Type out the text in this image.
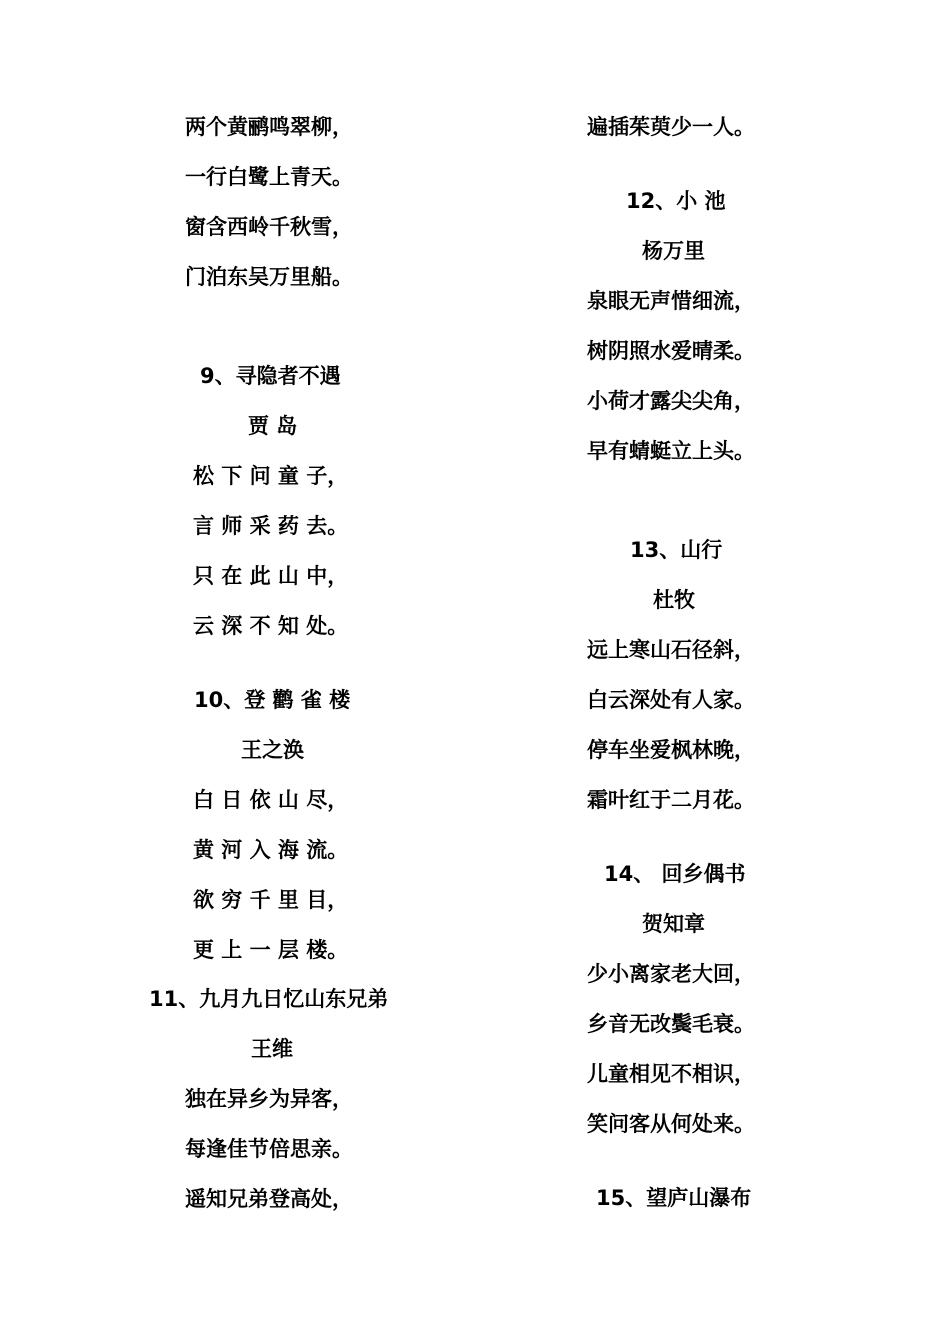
两个黄鹂鸣翠柳，
一行白鹭上青天。
窗含西岭千秋雪，
门泊东吴万里船。
9、寻隐者不遇
贾 岛
松 下 问 童 子，
言 师 采 药 去。
只 在 此 山 中，
云 深 不 知 处。
10、登 鹳 雀 楼
王之涣
白 日 依 山 尽，
黄 河 入 海 流。
欲 穷 千 里 目，
更 上 一 层 楼。
11、九月九日忆山东兄弟
王维
独在异乡为异客，
每逢佳节倍思亲。
遥知兄弟登高处，
遍插茱萸少一人。
12、小 池
杨万里
泉眼无声惜细流，
树阴照水爱晴柔。
小荷才露尖尖角，
早有蜻蜓立上头。
13、山行
杜牧
远上寒山石径斜，
白云深处有人家。
停车坐爱枫林晚，
霜叶红于二月花。
14、 回乡偶书
贺知章
少小离家老大回，
乡音无改鬓毛衰。
儿童相见不相识，
笑问客从何处来。
15、望庐山瀑布
